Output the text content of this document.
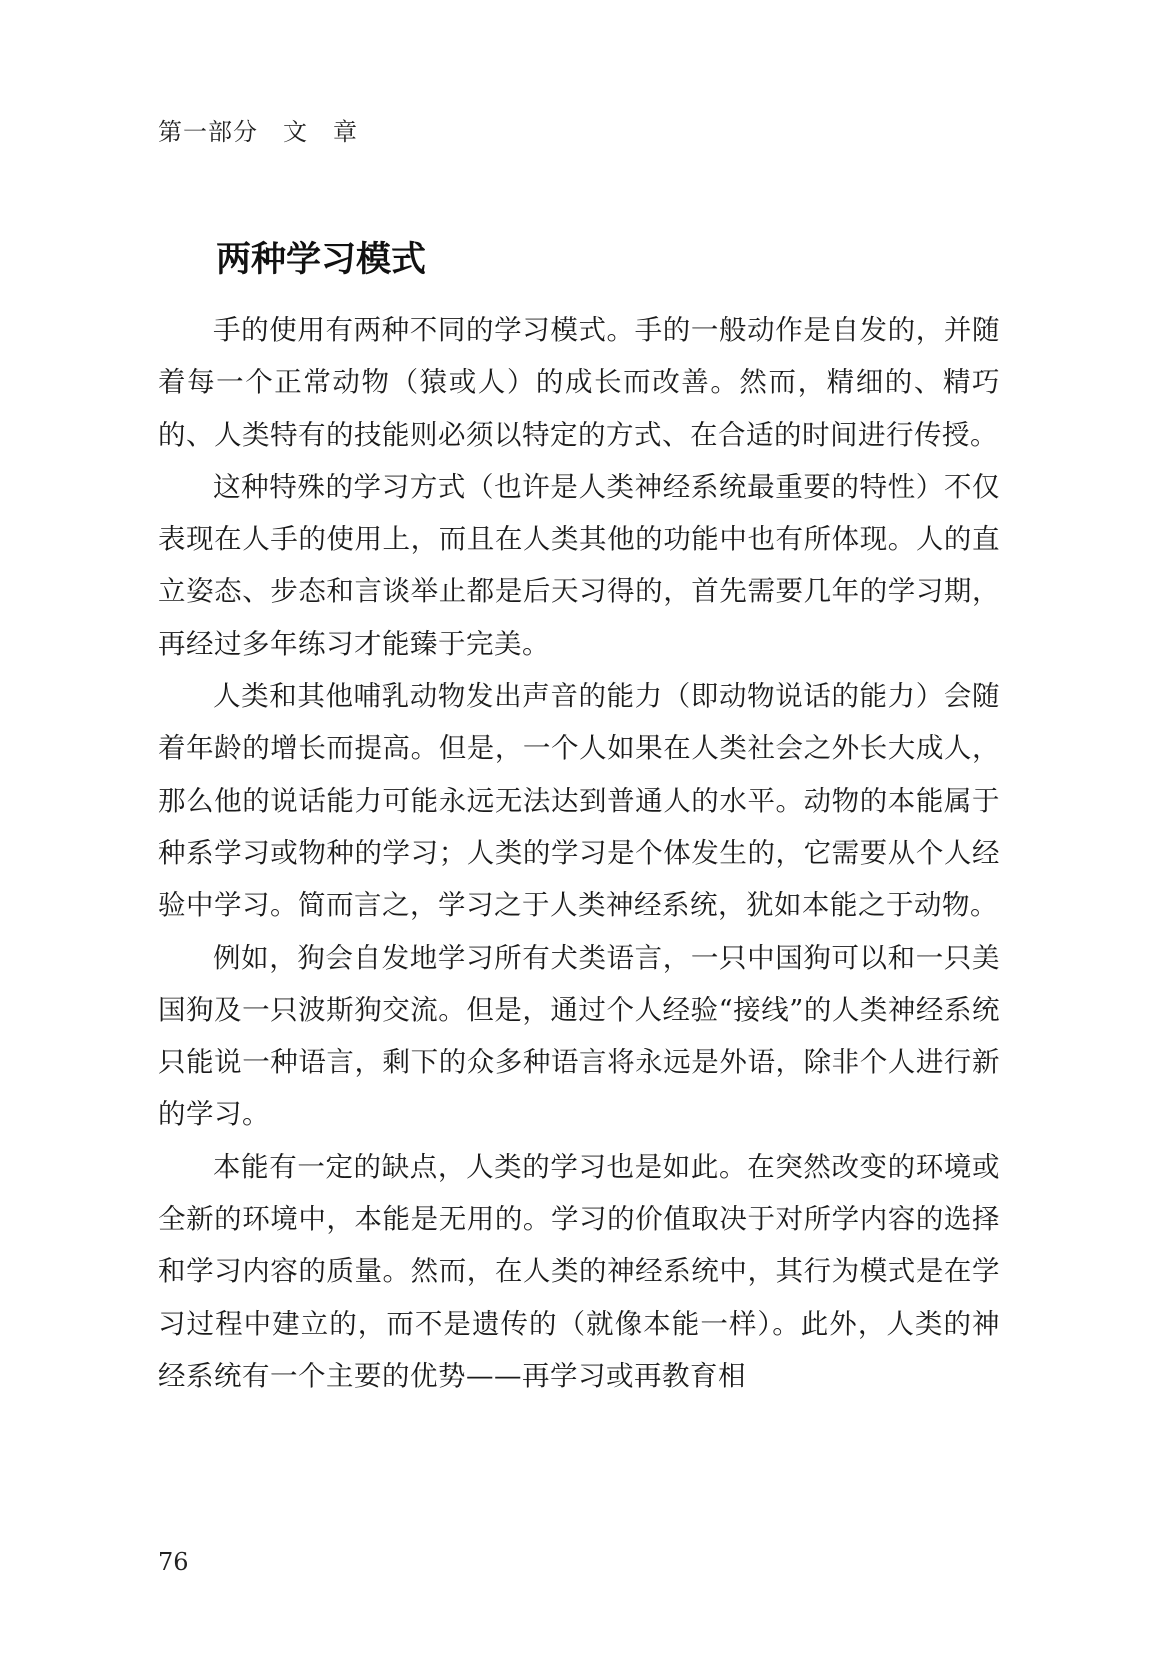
第一部分　文　章
两种学习模式

手的使用有两种不同的学习模式。手的一般动作是自发的，并随着每一个正常动物（猿或人）的成长而改善。然而，精细的、精巧的、人类特有的技能则必须以特定的方式、在合适的时间进行传授。

这种特殊的学习方式（也许是人类神经系统最重要的特性）不仅表现在人手的使用上，而且在人类其他的功能中也有所体现。人的直立姿态、步态和言谈举止都是后天习得的，首先需要几年的学习期，再经过多年练习才能臻于完美。

人类和其他哺乳动物发出声音的能力（即动物说话的能力）会随着年龄的增长而提高。但是，一个人如果在人类社会之外长大成人，那么他的说话能力可能永远无法达到普通人的水平。动物的本能属于种系学习或物种的学习；人类的学习是个体发生的，它需要从个人经验中学习。简而言之，学习之于人类神经系统，犹如本能之于动物。

例如，狗会自发地学习所有犬类语言，一只中国狗可以和一只美国狗及一只波斯狗交流。但是，通过个人经验“接线”的人类神经系统只能说一种语言，剩下的众多种语言将永远是外语，除非个人进行新的学习。

本能有一定的缺点，人类的学习也是如此。在突然改变的环境或全新的环境中，本能是无用的。学习的价值取决于对所学内容的选择和学习内容的质量。然而，在人类的神经系统中，其行为模式是在学习过程中建立的，而不是遗传的（就像本能一样）。此外，人类的神经系统有一个主要的优势——再学习或再教育相

76
